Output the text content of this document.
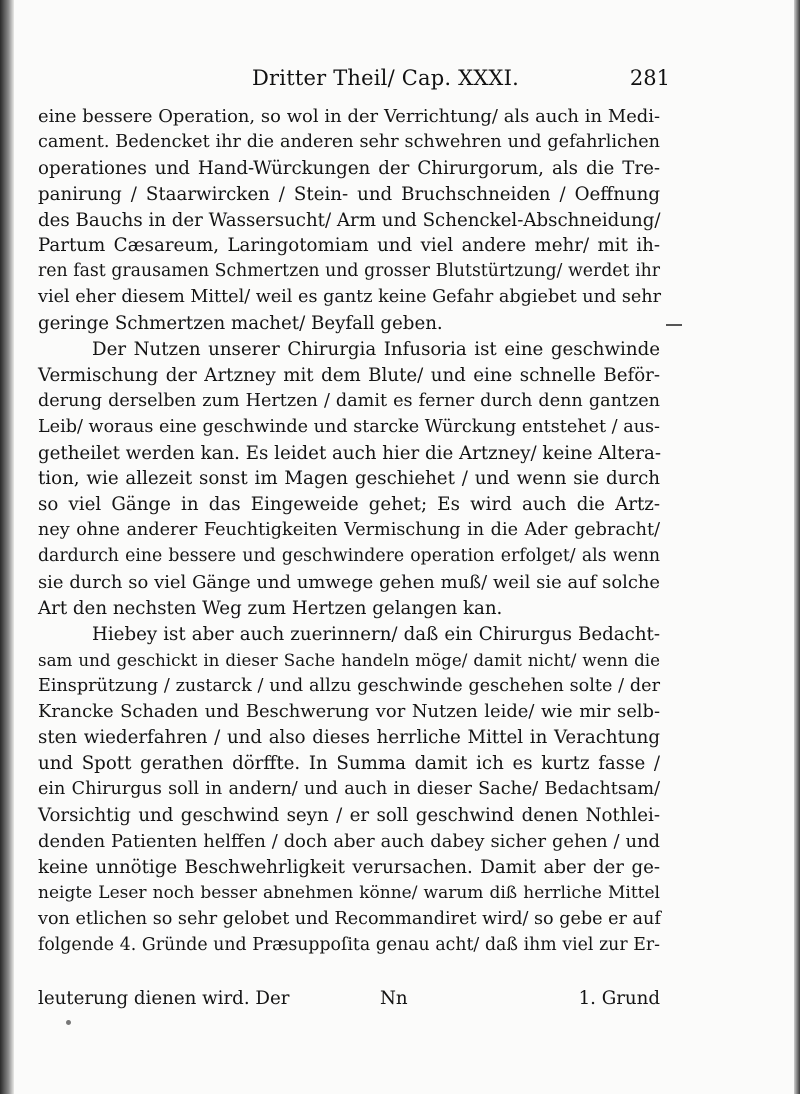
Dritter Theil/ Cap. XXXI.	281
eine bessere Operation, so wol in der Verrichtung/ als auch in Medi-
cament. Bedencket ihr die anderen sehr schwehren und gefahrlichen
operationes und Hand-Würckungen der Chirurgorum, als die Tre-
panirung / Staarwircken / Stein- und Bruchschneiden / Oeffnung
des Bauchs in der Wassersucht/ Arm und Schenckel-Abschneidung/
Partum Cæsareum, Laringotomiam und viel andere mehr/ mit ih-
ren fast grausamen Schmertzen und grosser Blutstürtzung/ werdet ihr
viel eher diesem Mittel/ weil es gantz keine Gefahr abgiebet und sehr
geringe Schmertzen machet/ Beyfall geben.
Der Nutzen unserer Chirurgia Infusoria ist eine geschwinde
Vermischung der Artzney mit dem Blute/ und eine schnelle Beför-
derung derselben zum Hertzen / damit es ferner durch denn gantzen
Leib/ woraus eine geschwinde und starcke Würckung entstehet / aus-
getheilet werden kan. Es leidet auch hier die Artzney/ keine Altera-
tion, wie allezeit sonst im Magen geschiehet / und wenn sie durch
so viel Gänge in das Eingeweide gehet; Es wird auch die Artz-
ney ohne anderer Feuchtigkeiten Vermischung in die Ader gebracht/
dardurch eine bessere und geschwindere operation erfolget/ als wenn
sie durch so viel Gänge und umwege gehen muß/ weil sie auf solche
Art den nechsten Weg zum Hertzen gelangen kan.
Hiebey ist aber auch zuerinnern/ daß ein Chirurgus Bedacht-
sam und geschickt in dieser Sache handeln möge/ damit nicht/ wenn die
Einsprützung / zustarck / und allzu geschwinde geschehen solte / der
Krancke Schaden und Beschwerung vor Nutzen leide/ wie mir selb-
sten wiederfahren / und also dieses herrliche Mittel in Verachtung
und Spott gerathen dörffte. In Summa damit ich es kurtz fasse /
ein Chirurgus soll in andern/ und auch in dieser Sache/ Bedachtsam/
Vorsichtig und geschwind seyn / er soll geschwind denen Nothlei-
denden Patienten helffen / doch aber auch dabey sicher gehen / und
keine unnötige Beschwehrligkeit verursachen. Damit aber der ge-
neigte Leser noch besser abnehmen könne/ warum diß herrliche Mittel
von etlichen so sehr gelobet und Recommandiret wird/ so gebe er auf
folgende 4. Gründe und Præsuppoſita genau acht/ daß ihm viel zur Er-
leuterung dienen wird. Der	Nn	1. Grund
